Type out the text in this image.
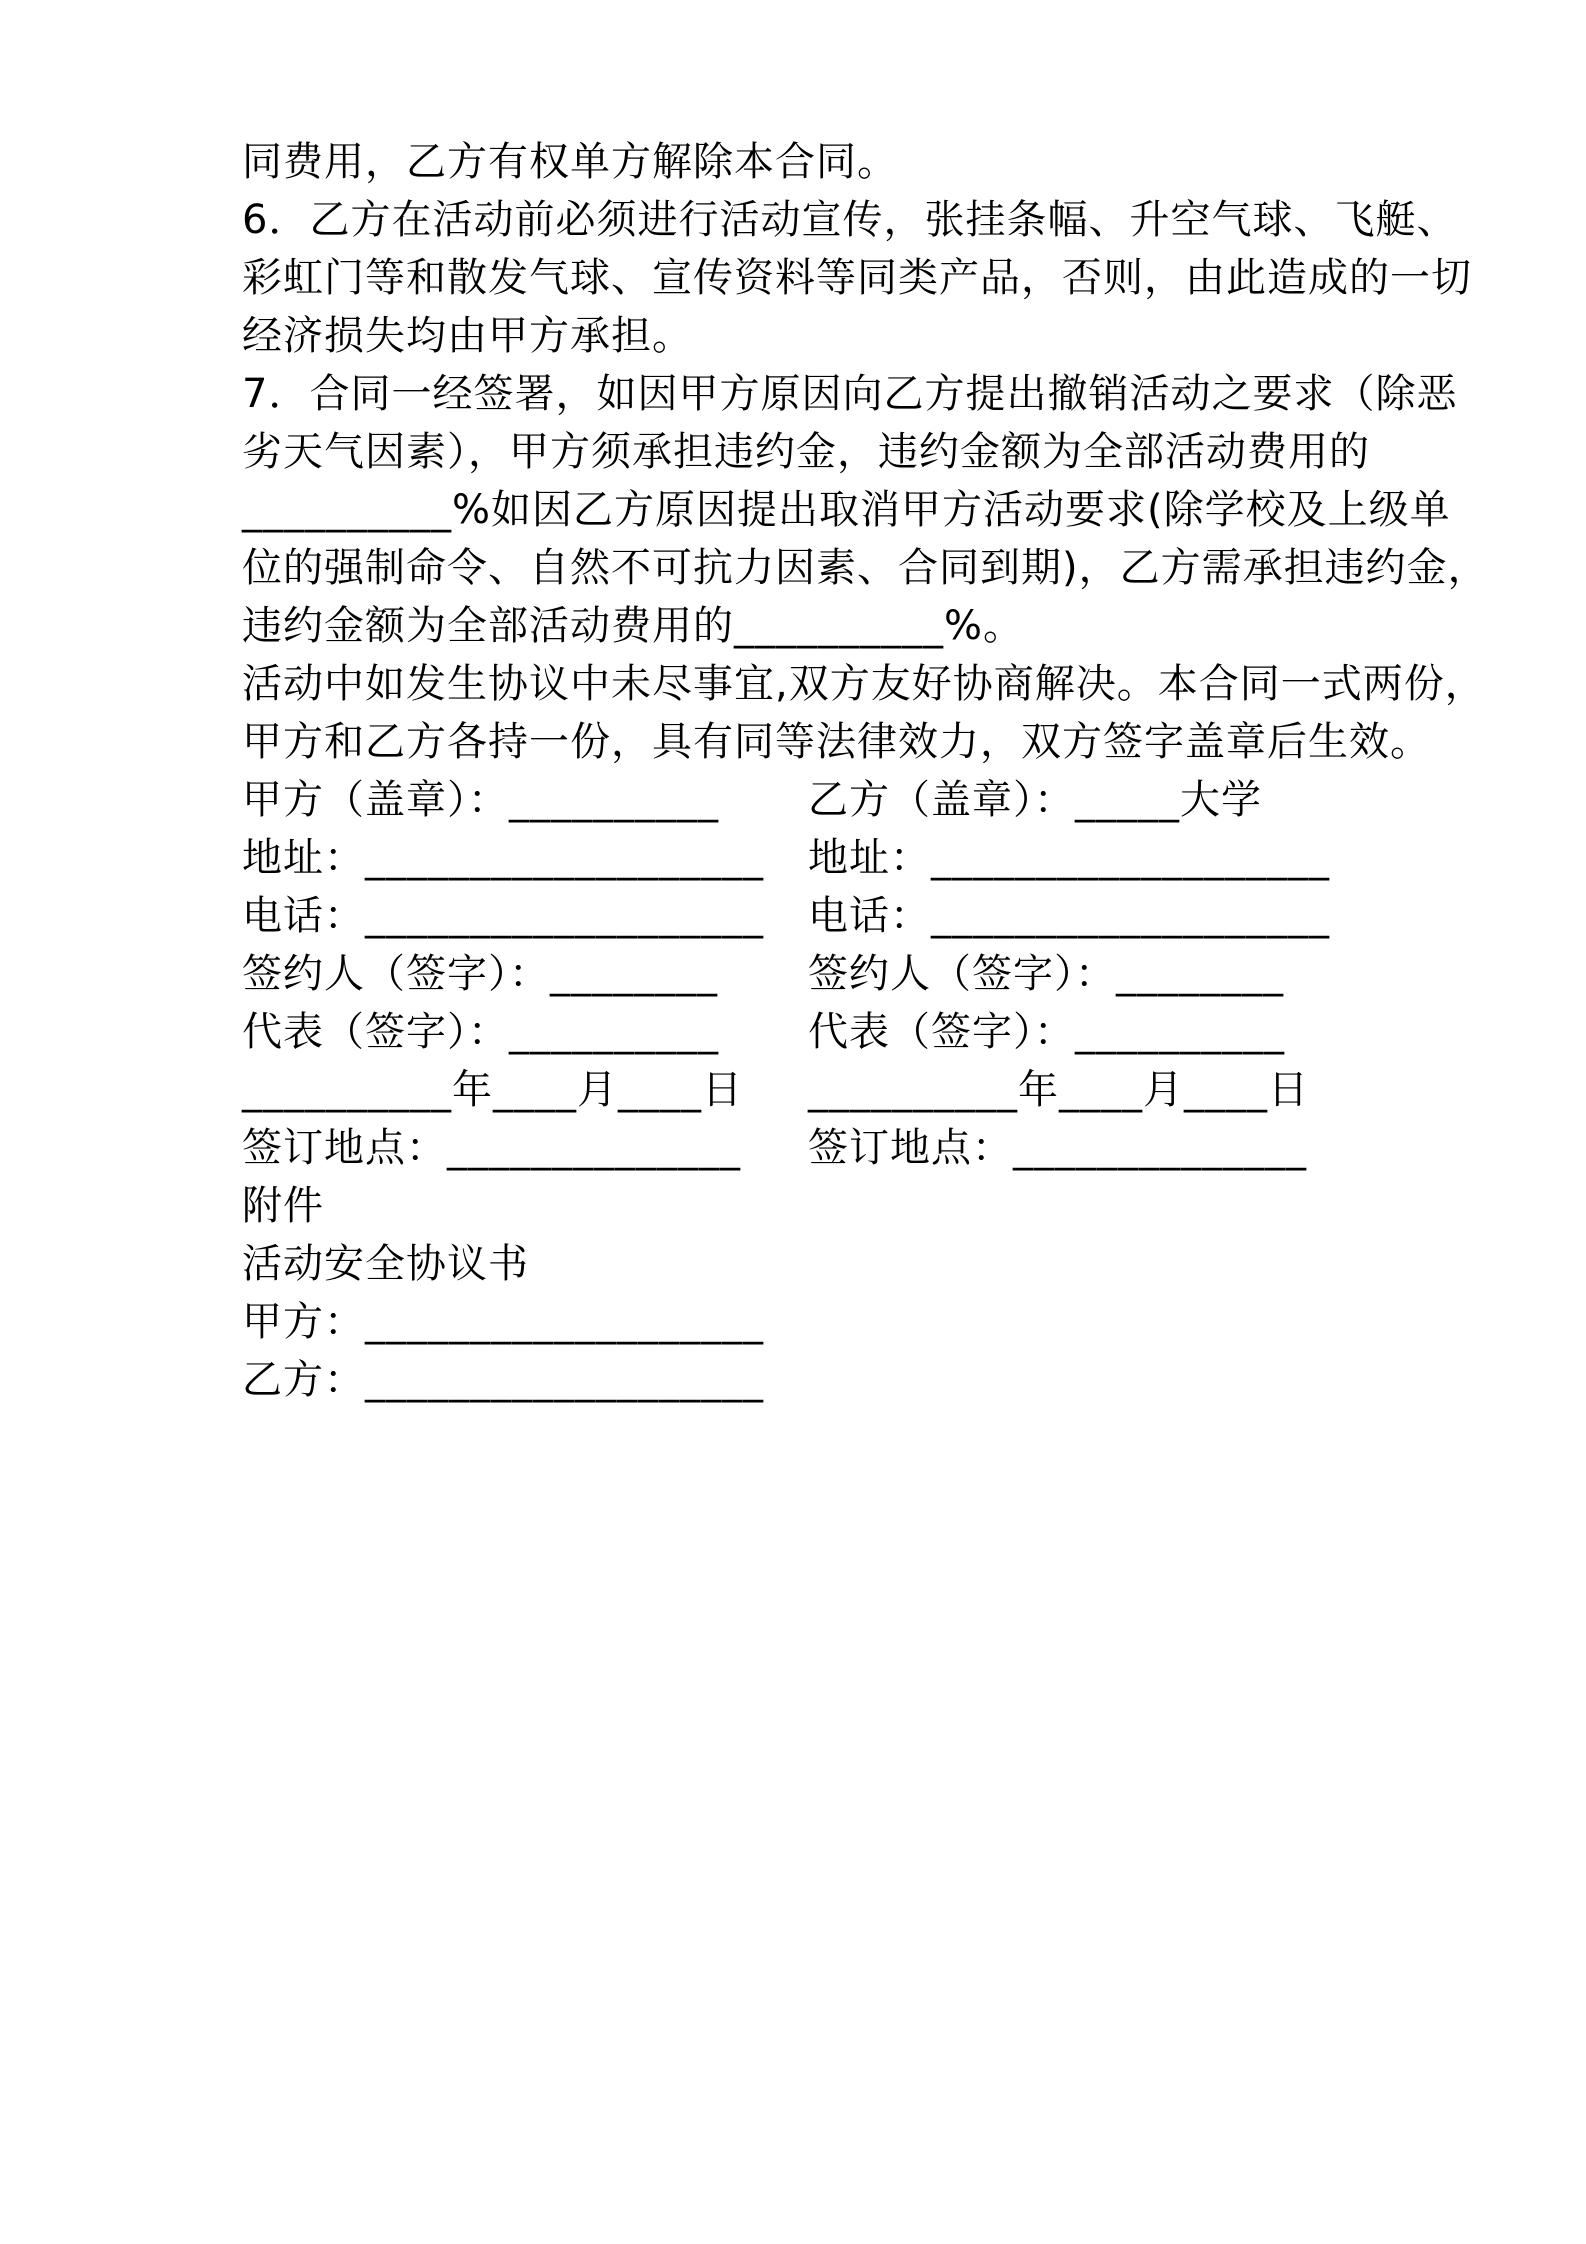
同费用，乙方有权单方解除本合同。

6．乙方在活动前必须进行活动宣传，张挂条幅、升空气球、飞艇、

彩虹门等和散发气球、宣传资料等同类产品，否则，由此造成的一切

经济损失均由甲方承担。

7．合同一经签署，如因甲方原因向乙方提出撤销活动之要求（除恶

劣天气因素），甲方须承担违约金，违约金额为全部活动费用的

__________%如因乙方原因提出取消甲方活动要求(除学校及上级单

位的强制命令、自然不可抗力因素、合同到期)，乙方需承担违约金，

违约金额为全部活动费用的__________%。

活动中如发生协议中未尽事宜,双方友好协商解决。本合同一式两份，

甲方和乙方各持一份，具有同等法律效力，双方签字盖章后生效。

甲方（盖章）：__________ 乙方（盖章）：_____大学

地址：___________________ 地址：___________________

电话：___________________ 电话：___________________

签约人（签字）：________ 签约人（签字）：________

代表（签字）：__________ 代表（签字）：__________

__________年____月____日 __________年____月____日

签订地点：______________ 签订地点：______________

附件

活动安全协议书

甲方：___________________

乙方：___________________
